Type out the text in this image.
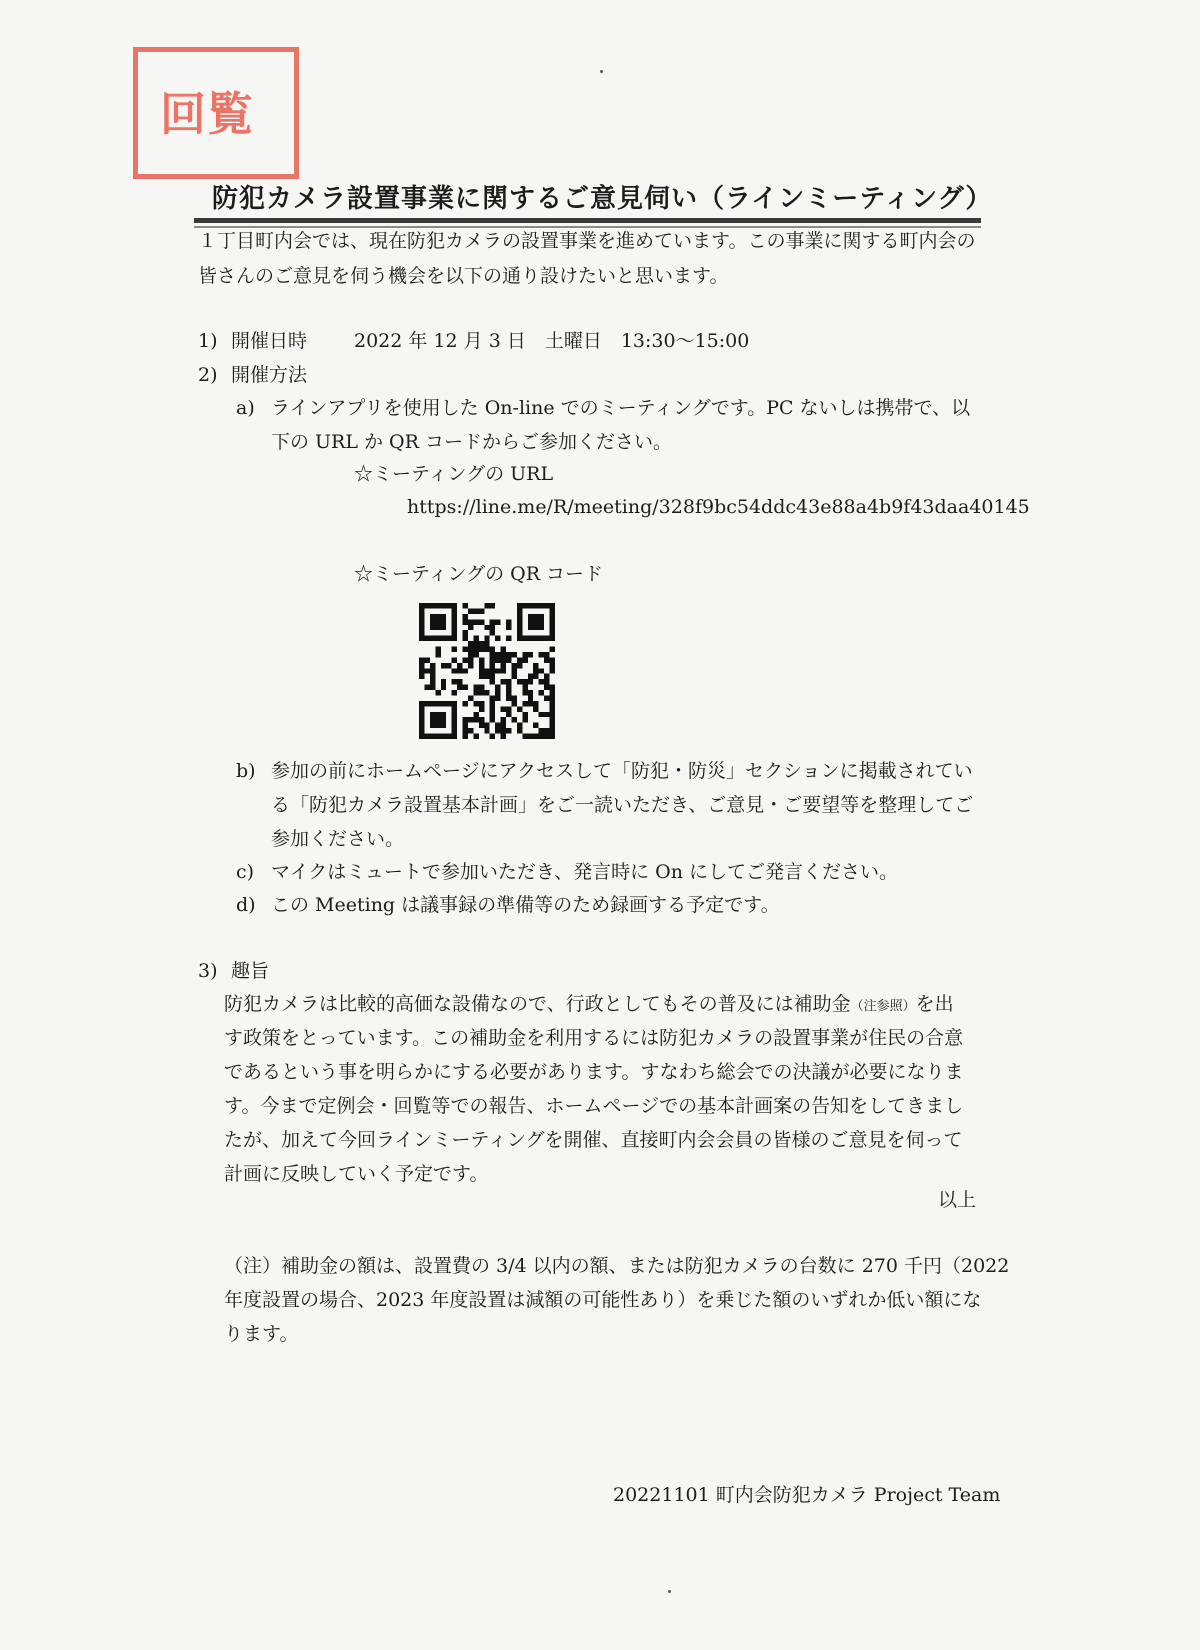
回覧
防犯カメラ設置事業に関するご意見伺い（ラインミーティング）
１丁目町内会では、現在防犯カメラの設置事業を進めています。この事業に関する町内会の
皆さんのご意見を伺う機会を以下の通り設けたいと思います。
1) 開催日時 2022 年 12 月 3 日　土曜日　13:30～15:00
2) 開催方法
a) ラインアプリを使用した On-line でのミーティングです。PC ないしは携帯で、以
下の URL か QR コードからご参加ください。
☆ミーティングの URL
https://line.me/R/meeting/328f9bc54ddc43e88a4b9f43daa40145
☆ミーティングの QR コード
b) 参加の前にホームページにアクセスして「防犯・防災」セクションに掲載されてい
る「防犯カメラ設置基本計画」をご一読いただき、ご意見・ご要望等を整理してご
参加ください。
c) マイクはミュートで参加いただき、発言時に On にしてご発言ください。
d) この Meeting は議事録の準備等のため録画する予定です。
3) 趣旨
防犯カメラは比較的高価な設備なので、行政としてもその普及には補助金（注参照）を出
す政策をとっています。この補助金を利用するには防犯カメラの設置事業が住民の合意
であるという事を明らかにする必要があります。すなわち総会での決議が必要になりま
す。今まで定例会・回覧等での報告、ホームページでの基本計画案の告知をしてきまし
たが、加えて今回ラインミーティングを開催、直接町内会会員の皆様のご意見を伺って
計画に反映していく予定です。
以上
（注）補助金の額は、設置費の 3/4 以内の額、または防犯カメラの台数に 270 千円（2022
年度設置の場合、2023 年度設置は減額の可能性あり）を乗じた額のいずれか低い額にな
ります。
20221101 町内会防犯カメラ Project Team
